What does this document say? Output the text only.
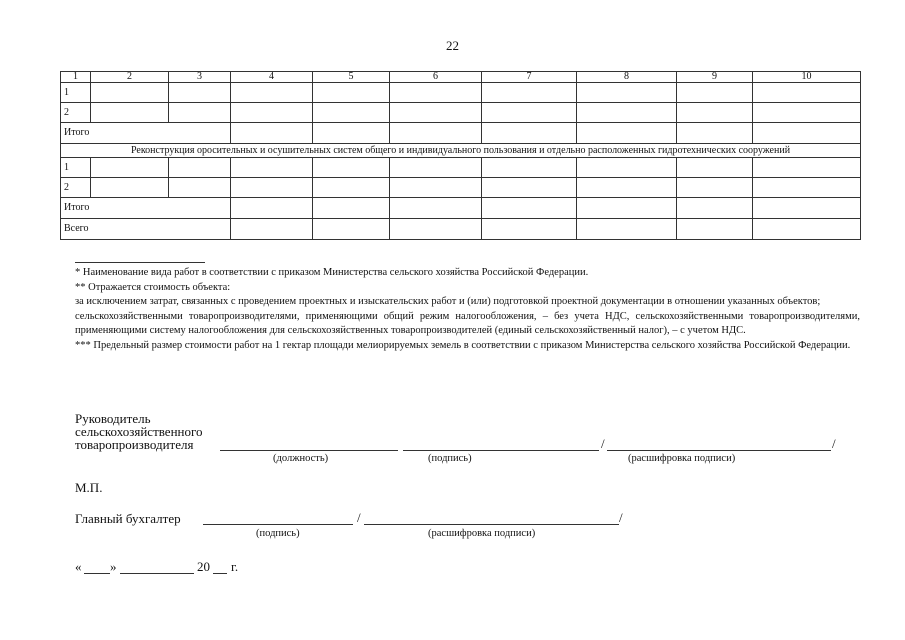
22
1	2	3	4	5	6	7	8	9	10
1									
2									
Итого									
Реконструкция оросительных и осушительных систем общего и индивидуального пользования и отдельно расположенных гидротехнических сооружений									
1									
2									
Итого									
Всего									

* Наименование вида работ в соответствии с приказом Министерства сельского хозяйства Российской Федерации.

** Отражается стоимость объекта:

за исключением затрат, связанных с проведением проектных и изыскательских работ и (или) подготовкой проектной документации в отношении указанных объектов;

сельскохозяйственными товаропроизводителями, применяющими общий режим налогообложения, – без учета НДС, сельскохозяйственными товаропроизводителями, применяющими систему налогообложения для сельскохозяйственных товаропроизводителей (единый сельскохозяйственный налог), – с учетом НДС.

*** Предельный размер стоимости работ на 1 гектар площади мелиорируемых земель в соответствии с приказом Министерства сельского хозяйства Российской Федерации.

Руководитель
сельскохозяйственного
товаропроизводителя	/	/
(должность)	(подпись)	(расшифровка подписи)
М.П.
Главный бухгалтер	/	/
(подпись)	(расшифровка подписи)
« »	20 г.
